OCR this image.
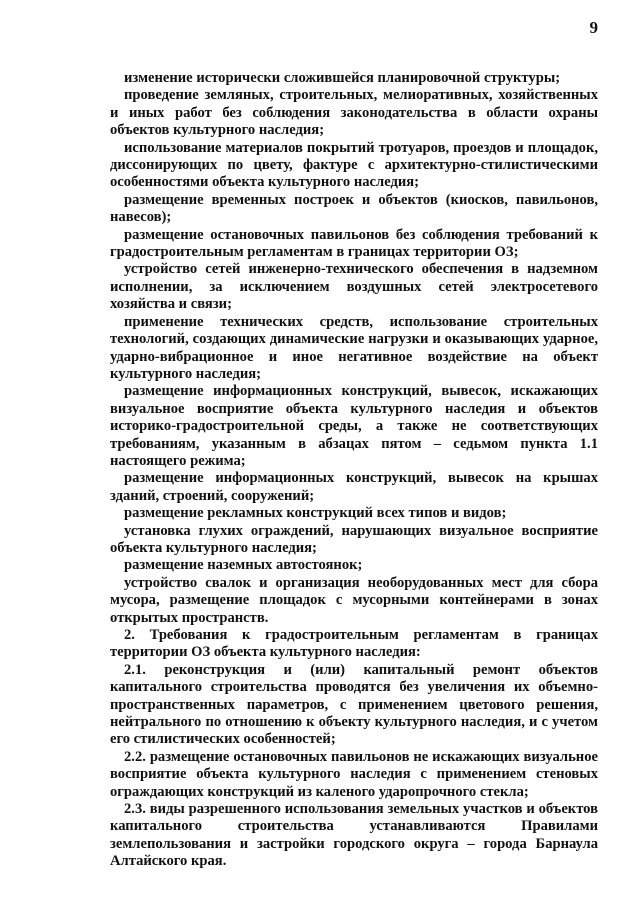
9

изменение исторически сложившейся планировочной структуры;

проведение земляных, строительных, мелиоративных, хозяйственных и иных работ без соблюдения законодательства в области охраны объектов культурного наследия;

использование материалов покрытий тротуаров, проездов и площадок, диссонирующих по цвету, фактуре с архитектурно-стилистическими особенностями объекта культурного наследия;

размещение временных построек и объектов (киосков, павильонов, навесов);

размещение остановочных павильонов без соблюдения требований к градостроительным регламентам в границах территории ОЗ;

устройство сетей инженерно-технического обеспечения в надземном исполнении, за исключением воздушных сетей электросетевого хозяйства и связи;

применение технических средств, использование строительных технологий, создающих динамические нагрузки и оказывающих ударное, ударно-вибрационное и иное негативное воздействие на объект культурного наследия;

размещение информационных конструкций, вывесок, искажающих визуальное восприятие объекта культурного наследия и объектов историко-градостроительной среды, а также не соответствующих требованиям, указанным в абзацах пятом – седьмом пункта 1.1 настоящего режима;

размещение информационных конструкций, вывесок на крышах зданий, строений, сооружений;

размещение рекламных конструкций всех типов и видов;

установка глухих ограждений, нарушающих визуальное восприятие объекта культурного наследия;

размещение наземных автостоянок;

устройство свалок и организация необорудованных мест для сбора мусора, размещение площадок с мусорными контейнерами в зонах открытых пространств.

2. Требования к градостроительным регламентам в границах территории ОЗ объекта культурного наследия:

2.1. реконструкция и (или) капитальный ремонт объектов капитального строительства проводятся без увеличения их объемно-пространственных параметров, с применением цветового решения, нейтрального по отношению к объекту культурного наследия, и с учетом его стилистических особенностей;

2.2. размещение остановочных павильонов не искажающих визуальное восприятие объекта культурного наследия с применением стеновых ограждающих конструкций из каленого ударопрочного стекла;

2.3. виды разрешенного использования земельных участков и объектов капитального строительства устанавливаются Правилами землепользования и застройки городского округа – города Барнаула Алтайского края.
